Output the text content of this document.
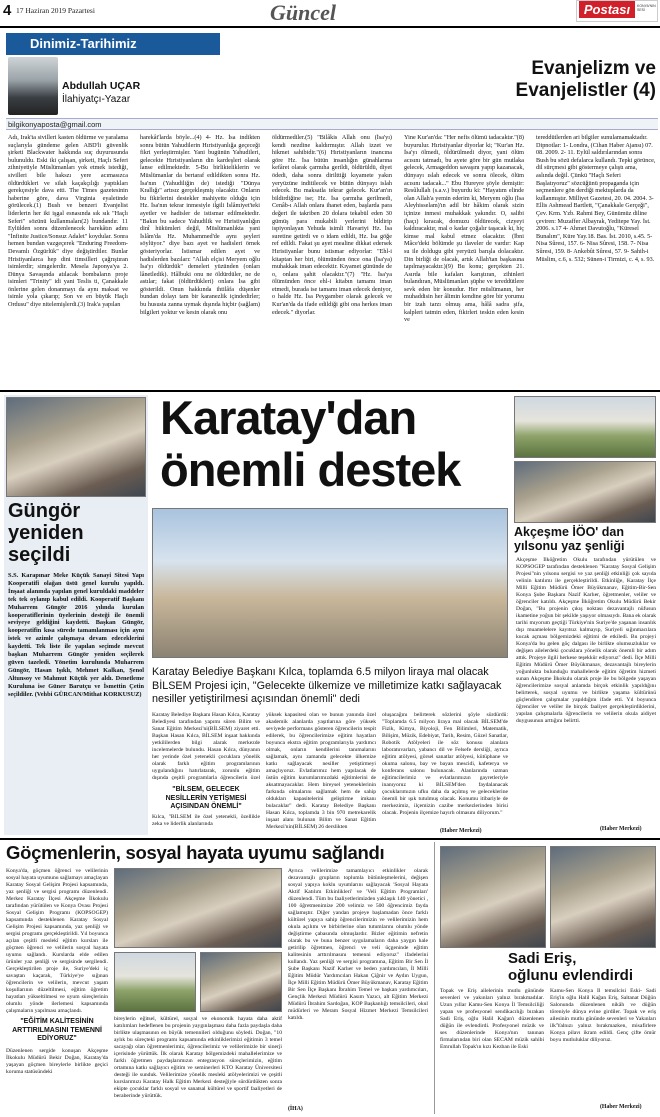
4 17 Haziran 2019 Pazartesi	Güncel	Postası	KONYA'NIN SESİ
Dinimiz-Tarihimiz
Abdullah UÇAR
İlahiyatçı-Yazar
bilgikonyaposta@gmail.com
Evanjelizm ve
Evanjelistler (4)
Adı, Irak'ta sivilleri kasten öldürme ve yaralama suçlarıyla gündeme gelen ABD'li güvenlik şirketi Blackwater hakkında suç duyurusunda bulunuldu. Eski iki çalışan, şirketi, Haçlı Seferi zihniyetiyle Müslümanları yok etmek istediği, sivilleri bile hakszı yere acımasızca öldürdükleri ve silah kaçakçılığı yaptıkları gerekçesiyle dava etti. The Times gazetesinin haberine göre, dava Virginia eyaletinde görülecek.(1) Bush ve benzeri Evanjelist liderlerin her iki işgal esnasında sık sık "Haçlı Seferi" sözünü kullanmaları(2) bundandır. 11 Eylülden sonra düzenlenecek harekâtın adını "İnfinite Justice/Sonsuz Adalet" koydular. Sonra hemen bundan vazgeçerek "Enduring Freedom-Devamlı Özgürlük" diye değiştirdiler. Bunlar Hristiyanlarca hep dini timsilleri çağrıştıran isimlerdir; simgelerdir. Mesela Japonya'ya 2. Dünya Savaşında atılacak bombaların proje isimleri "Trinity" idi yani Teslis ti, Çanakkale önlerine gelen donanmayı da aynı maksat ve isimle yola çıkarıp; Son ve en büyük Haçlı Ordusu" diye nitelemişlerdi.(3) Irak'a yapılan
harekât'larda böyle...(4) 4- Hz. İsa indikten sonra bütün Yahudilerin Hıristiyanlığa geçeceği fikri yerleştirmişler. Yani bugünün Yahudileri, gelecekte Hıristiyanların din kardeşleri olarak lanse edilmektedir. 5-Bu birlikteliklerin ve Müslümanlar da bertaraf edildikten sonra Hz. İsa'nın (Yahudiliğin de) istediği "Dünya Krallığı" artısız gerçekleşmiş olacaktır. Onların bu fikirlerini destekler mahiyette olduğu için Hz. İsa'nın tekrar inmesiyle ilgili İslâmiyet'teki ayetler ve hadisler de istismar edilmektedir. "Bakın bu sadece Yahudilik ve Hıristiyanlığın dinî hükümleri değil, Müslümanlıkta yani İslâm'da Hz. Muhammed'de aynı şeyleri söylüyor." diye bazı ayet ve hadisleri örnek gösteriyorlar. İstismar edilen ayet ve hadislerden bazıları: "Allah elçisi Meryem oğlu İsa'yı öldürdük" demeleri yüzünden (onları lânetledik). Hâlbuki onu ne öldürdüler, ne de astılar; fakat (öldürdükleri) onlara İsa gibi gösterildi. Onun hakkında ihtilâfa düşenler bundan dolayı tam bir karanezlik içindedirler; bu hususta zanna uymak dışında hiçbir (sağlam) bilgileri yoktur ve kesin olarak onu
öldürmediler.(5) "Bilâkis Allah onu (İsa'yı) kendi nezdine kaldırmıştır. Allah izzet ve hikmet sahibidir."(6) Hıristiyanların inancına göre Hz. İsa bütün insanlığın günahlarına kefâret olarak çarmıha gerildi, öldürüldü, diyet ödedi, daha sonra dirilttiği kıyamete yakın yeryüzüne inditilecek ve bütün dünyayı islah edecek. Bu maksatla tekrar gelecek. Kur'an'ın bildirdiğine ise; Hz. İsa çarmıha gerilmedi, Cenâb-ı Allah onlara ihanet eden, başlarda para değeri ile takriben 20 dolara tekabül eden 30 gümüş para mukabili yerlerini bildirip ispiyonlayan Yehuda isimli Havariyi Hz. İsa suretine getirdi ve o idam edildi, Hz. İsa göğe ref edildi. Fakat şu ayet mealine dikkat edersek Hıristiyanlar bunu istismar ediyorlar: "Ehl-i kitaptan her biri, ölümünden önce ona (İsa'ya) muhakkak iman edecektir. Kıyamet gününde de o, onlara şahit olacaktır."(7) "Hz. İsa'ya ölümünden önce ehl-i kitabın tamamı iman etmedi, burada ise tamamı iman edecek deniyor, o halde Hz. İsa Peygamber olarak gelecek ve Kur'an'da da ifade edildiği gibi ona herkes iman edecek." diyorlar.
Yine Kur'an'da: "Her nefis ölümü tadacaktır."(8) buyurulur. Hıristiyanlar diyorlar ki; "Kur'an Hz. İsa'yı ölmedi, öldürülmedi diyor, yani ölüm acısını tatmadı, bu ayete göre bir gün mutlaka gelecek, Armageddon savaşını yapıp kazanacak, dünyayı ıslah edecek ve sonra ölecek, ölüm acısını tadacak..." Ebu Hureyre şöyle demiştir: Resûlullah (s.a.v.) buyurdu ki: "Hayatım elinde olan Allah'a yemin ederim ki, Meryem oğlu (İsa Aleyhisselam)'ın adil bir hâkim olarak sizin içinize inmesi muhakkak yakındır. O, salibi (haçı) kıracak, domuzu öldürecek, cizyeyi kaldıracaktır, mal o kadar çoğalır taşacak ki, hiç kimse mal kabul etmez olacaktır. (İbni Mâce'deki bölümde şu ilaveler de vardır: Kap su ile doldugu gibi yeryüzü barışla dolacaktır. Din birliği de olacak, artık Allah'tan başkasına tapılmayacaktır.)(9) Bu konu; gerçekten 21. Asırda bile kafaları karıştıran, zihinleri bulandıran, Müslümanları şüphe ve tereddütlere sevk eden bir konudur. Her müslümanın, her muhaddisin her âlimin kendine göre bir yorumu bir izah tarzı olmuş ama, hâlâ sadra şifa, kalpleri tatmin eden, fikirleri teskin eden kesin ve
tereddütlerden ari bilgiler sunulamamaktadır. Dipnotlar: 1- Londra, (Cihan Haber Ajansı) 07. 08. 2009. 2- 11. Eylül saldırılarından sonra Bush bu sözü defalarca kullandı. Tepki görünce, dil sürçmesi gibi göstermeye çalıştı ama, aslında değil. Çünkü "Haçlı Seferi Başlatıyoruz" sözcüğünü propaganda için seçmenlere gön derdiği mektuplarda da kullanmıştır. Milliyet Gazetesi, 20. 04. 2004. 3- Ellis Ashmead Bartlett, "Çanakkale Gerçeği", Çev. Krm. Yzb. Rahmi Bey, Günümüz diline çeviren: Muzaffer Albayrak, Yeditepe Yay. İst. 2006. s.17 4- Ahmet Davutoğlu, "Küresel Bunalım", Küre Yay.18. Bas. İst. 2010, s.45. 5- Nisa Sûresi, 157. 6- Nisa Sûresi, 158. 7- Nisa Sûresi, 159. 8- Ankebût Sûresi, 57. 9- Sahih-i Müslim, c.6, s. 532; Sünen-i Tirmizi, c. 4, s. 93.
Güngör
yeniden
seçildi
S.S. Karapınar Meke Küçük Sanayi Sitesi Yapı Kooperatifi olağan üstü genel kurulu yapıldı. İnşaat alanında yapılan genel kuruldaki maddeler tek tek oylanıp kabul edildi. Kooperatif Başkanı Muharrem Güngör 2016 yılında kurulan kooperatiflerinin üyelerinin desteği ile önemli seviyeye geldiğini kaydetti. Başkan Güngör, kooperatifin kısa sürede tamamlanması için aynı istek ve azimle çalışmaya devam edeceklerini kaydetti. Tek liste ile yapılan seçimde mevcut başkan Muharrem Güngör yeniden seçilerek güven tazeledi. Yönetim kurulunda Muharrem Güngör, Hasan Işıklı, Mehmet Kalkan, Şenol Altunsoy ve Mahmut Küçük yer aldı. Denetleme Kuruluna ise Güner Barutçu ve İsmettin Çetin seçildiler. (Vehbi GÜRCAN/Mithat KORKUSUZ)
Karatay'dan
önemli destek
Karatay Belediye Başkanı Kılca, toplamda 6.5 milyon liraya mal olacak BİLSEM Projesi için, "Gelecekte ülkemize ve milletimize katkı sağlayacak nesiller yetiştirilmesi açısından önemli" dedi
Karatay Belediye Başkanı Hasan Kılca, Karatay Belediyesi tarafından yapımı süren Bilim ve Sanat Eğitim Merkezi'ni(BİLSEM) ziyaret etti. Başkan Hasan Kılca, BİLSEM inşaat hakkında yetkililerden bilgi alarak merkezde incelemelerde bulundu. Hasan Kılca, dünyanın her yerinde özel yetenekli çocuklara yönelik olarak farklı eğitim programlarının uygulandığını hatırlatarak, zorunlu eğitim dışında çeşitli programlarla öğrencilerin özel
"BİLSEM, GELECEK NESİLLERİN YETİŞMESİ AÇISINDAN ÖNEMLİ"
Kılca, "BİLSEM ile özel yetenekli, özellikle zeka ve liderlik alanlarında
yüksek kapasitesi olan ve bunun yanında özel akademik alanlarda yaşıtlarına göre yüksek seviyede performans gösteren öğrencilerin tespit edilerek, bu öğrencilerimize eğitim hayatları boyunca ekstra eğitim programlarıyla yardımcı olmak, onların kendilerini tanımalarını sağlamak, aynı zamanda gelecekte ülkemize katkı sağlayacak nesiller yetiştirmeyi amaçlıyoruz. Evlatlarımız hem yapılacak de üstün eğitim kurumlarımızdaki eğitimlerini de aksatmayacaklar. Hem bireysel yeteneklerinin farkında olmalarını sağlamak hem de sahip oldukları kapasitelerini geliştirme imkanı bulacaklar" dedi. Karatay Belediye Başkanı Hasan Kılca, toplamda 3 bin 970 metrekarelik inşaat alanı bulunan Bilim ve Sanat Eğitim Merkezi'nin(BİLSEM) 26 derslikten
oluşacağını belirterek sözlerini şöyle sürdürdü: "Toplamda 6.5 milyon liraya mal olacak BİLSEM'de Fizik, Kimya, Biyoloji, Fen Bilimleri, Matematik, Bilişim, Müzik, Edebiyat, Tarih, Resim, Güzel Sanatlar, Robotik Atölyeleri ile söz konusu alanlara laboratuvarları, yabancı dil ve Felsefe dersliği, ayrıca eğitim atölyesi, görsel sanatlar atölyesi, kütüphane ve okuma salonu, bay ve bayan mescidi, kafeterya ve konferans salonu bulunacak. Alanlarında uzman eğitimcilerimiz ve evlatlarımızın gayretleriyle inanıyoruz ki BİLSEM'den faydalanacak çocuklarımızın ufku daha da açılmış ve geleceklerine önemli bir ışık tutulmuş olacak. Konumu itibariyle de merkezimiz, ilçemizin cazibe merkezlerinden birisi olacak. Projenin ilçemize hayırlı olmasını diliyorum."
(Haber Merkezi)
Akçeşme İÖO' dan
yılsonu yaz şenliği
Akçeşme İlköğretim Okulu tarafından yürütülen ve KOPSOGEP tarafından desteklenen "Karatay Sosyal Gelişim Projesi"nin yılsonu sergisi ve yaz şenliği etkinliği çok sayıda velinin katılımı ile gerçekleştirildi. Etkinliğe, Karatay İlçe Milli Eğitim Müdürü Ömer Büyükmanav, Eğitim-Bir-Sen Konya Şube Başkanı Nazif Karlıer, öğretmenler, veliler ve öğrenciler katıldı. Akçeşme İlköğretim Okulu Müdürü Bekir Doğan, "Bu projenin çıkış noktası dezavantajlı nüfusun ikametine yoğun bir şekilde yaşıyor olmasıydı. Bana ek olarak tarihi mıyorum geçtiği Türkiye'nin Suriye'de yaşanan insanlık dışı muamelelere kayıtsız kalmayıp, Suriyeli sığınmacılara kucak açması bölgemizdeki eğitimi de etkiledi. Bu projeyi Konya'da bu gelen göç dalgası ile birlikte olumsuzluklar ve değişen ailelerdeki çocuklara yönelik olarak önemli bir adım attık. Projeye ilgili herkese teşekkür ediyoruz" dedi. İlçe Milli Eğitim Müdürü Ömer Büyükmanav, dezavantajlı bireylerin yoğunlukta bulunduğu mahallelerde eğitim öğretim hizmeti sunan Akçeşme İlkokulu olarak proje ile bu bölgede yaşayan öğrencilerimize sosyal anlamda birçok etkinlik yapıldığını belirterek, sosyal uyumu ve birlikte yaşama kültürünü güçlendiren çalışmalar yapıldığını ifade etti. Yıl boyunca öğrenciler ve veliler ile birçok faaliyet gerçekleştirdiklerini, yapılan çalışmalarla öğrencilerin ve velilerin okula aidiyet duygusunun arttığını belirtti.
(Haber Merkezi)
Göçmenlerin, sosyal hayata uyumu sağlandı
Konya'da, göçmen öğrenci ve velilerinin sosyal hayata uyumunu sağlamayı amaçlayan Karatay Sosyal Gelişim Projesi kapsamında, yaz şenliği ve sergisi programı düzenlendi. Merkez Karatay İlçesi Akçeşme İlkokulu tarafından yürütülen ve Konya Ovası Projesi Sosyal Gelişim Programı (KOPSOGEP) kapsamında desteklenen Karatay Sosyal Gelişim Projesi kapsamında, yaz şenliği ve sergisi programı gerçekleştirildi. Yıl boyunca açılan çeşitli meslekî eğitim kursları ile göçmen öğrenci ve velilerin sosyal hayata uyumu sağlandı. Kurslarda elde edilen ürünler yaz şenliği ve sergisinde sergilendi. Gerçekleştirilen proje ile, Suriye'deki iç savaştan kaçarak, Türkiye'ye sığınan öğrencilerin ve velilerin, mevcut yaşam koşullarının düzeltilmesi, eğitim öğretim hayatları yükseltilmesi ve uyum süreçlerinin olumlu yönde ilerlemesi kapsamında çalışmaların yapılması amaçlandı.
"EĞİTİM KALİTESİNİN ARTTIRILMASINI TEMENNİ EDİYORUZ"
Düzenlenen sergide konuşan Akçeşme İlkokulu Müdürü Bekir Doğan, Karatay'da yaşayan göçmen bireylerle birlikte geçici koruma statüsündeki
bireylerin eğitsel, kültürel, sosyal ve ekonomik hayata daha aktif katılımları hedeflenen bu projenin yaygınlaşması daha fazla paydaşla daha birlikte ulaşmasının en büyük temennileri olduğunu söyledi. Doğan, "10 aylık bu süreçteki programı kapsamında etkinliklerimizi eğitimin 3 temel sacayağı olan öğretmenlerimiz, öğrencilerimiz ve velilerimizle bir sinerji içerisinde yürüttük. İlk olarak Karatay bölgemizdeki mahallelerimize ve farklı öğretmen paydaşlarımızın entegrasyon süreçlerimizin, eğitim ortamına katkı sağlayıcı eğitim ve seminerleri KTO Karatay Üniversitesi desteği ile sunduk. Velilerimize yönelik mesleki atölyelerimizi ve çeşitli kurslarımızı Karatay Halk Eğitim Merkezi desteğiyle sürdürdükten sonra ekipte çocuklar farklı sosyal ve sanatsal kültürel ve sportif faaliyetleri de beraberinde yürüttük.
Ayrıca velilerimize tamamlayıcı etkinlikler olarak dezavantajlı grupların toplumla bütünleşmelerini, değişen sosyal yapıya koklu uyumlarını sağlayacak 'Sosyal Hayata Aktif Katılım Etkinlikleri' ve 'Veli Eğitim Programları' düzenlendi. Tüm bu faaliyetlerimizden yaklaşık 140 yönetici , 100 öğretmenimize 200 velimiz ve 500 öğrencimiz fayda sağlamıştır. Diğer yandan projeye başlamadan önce farklı kültürel yapıya sahip öğrencilerimizin ve velilerimizin hem okula açılımı ve birbirlerine olan tutumlarını olumlu yönde değiştirme çabasında olmuşlardır. Bizler eğitimin nefretin olarak bu ve buna benzer uygulamaların daha yaygın hale getirilip öğretmen, öğrenci ve veli üçgeninde eğitim kalitesinin arttırılmasını temenni ediyoruz" ifadelerini kullandı. Yaz şenliği ve sergisi programına, Eğitim Bir Sen İl Şube Başkanı Nazif Karlıer ve beden yardımcıları, İl Milli Eğitim Müdür Yardımcıları Hakan Çiğnir ve Aydın Uygun, İlçe Milli Eğitim Müdürü Ömer Büyükmanav, Karatay Eğitim Bir Sen İlçe Başkanı İbrahim Temel ve başkan yardımcıları, Gençlik Merkezi Müdürü Kasım Yazıcı, alt Eğitim Merkezi Müdürü İbrahim Sardoğan, KOP Başkanlığı temsilcileri, okul müdürleri ve Meram Sosyal Hizmet Merkezi Temsilcileri katıldı.
(İHA)
Sadi Eriş,
oğlunu evlendirdi
Topak ve Eriş ailelerinin mutlu gününde sevenleri ve yakınları yalnız bırakmadılar. Uzun yıllar Kamu-Sen Konya İl Temsilciliği yapan ve profesyonel sendikacılığı bırakan Sadi Eriş, oğlu Halil Kağan'ı düzenlenen düğün ile evlendirdi. Profesyonel müzik ve ses düzenlerinde Konya'nın tanınan firmalarından biri olan SECAM müzik sahibi Emrullah Topak'ın kızı Kezban ile Eski
Kamu-Sen Konya İl temsilcisi Eski- Sadi Eriş'in oğlu Halil Kağan Eriş, Saltanat Düğün Salonunda düzenlenen nikâh ve düğün töreniyle dünya evine girdiler. Topak ve eriş ailesinin mutlu gününde sevenleri ve Yakınları ilk'Yalnızı yalnız bırakmazken, misafirlere Konya pilavı ikram edildi. Genç çifte ömür boyu mutluluklar diliyoruz.
(Haber Merkezi)
